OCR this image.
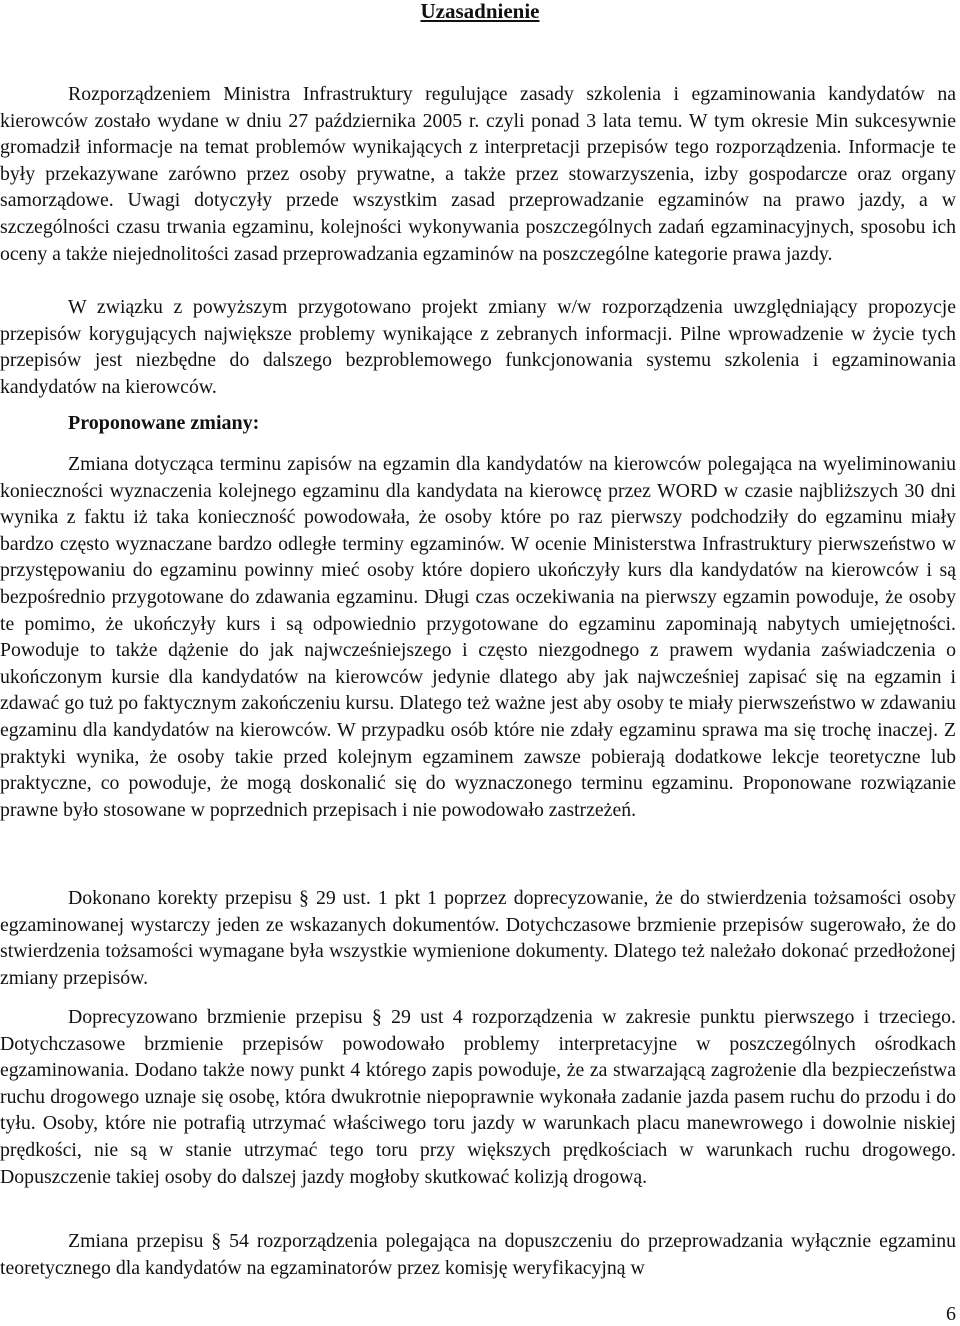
Uzasadnienie
Rozporządzeniem Ministra Infrastruktury regulujące zasady szkolenia i egzaminowania kandydatów na kierowców zostało wydane w dniu 27 października 2005 r. czyli ponad 3 lata temu. W tym okresie Min sukcesywnie gromadził informacje na temat problemów wynikających z interpretacji przepisów tego rozporządzenia. Informacje te były przekazywane zarówno przez osoby prywatne, a także przez stowarzyszenia, izby gospodarcze oraz organy samorządowe. Uwagi dotyczyły przede wszystkim zasad przeprowadzanie egzaminów na prawo jazdy, a w szczególności czasu trwania egzaminu, kolejności wykonywania poszczególnych zadań egzaminacyjnych, sposobu ich oceny a także niejednolitości zasad przeprowadzania egzaminów na poszczególne kategorie prawa jazdy.
W związku z powyższym przygotowano projekt zmiany w/w rozporządzenia uwzględniający propozycje przepisów korygujących największe problemy wynikające z zebranych informacji. Pilne wprowadzenie w życie tych przepisów jest niezbędne do dalszego bezproblemowego funkcjonowania systemu szkolenia i egzaminowania kandydatów na kierowców.
Proponowane zmiany:
Zmiana dotycząca terminu zapisów na egzamin dla kandydatów na kierowców polegająca na wyeliminowaniu konieczności wyznaczenia kolejnego egzaminu dla kandydata na kierowcę przez WORD w czasie najbliższych 30 dni wynika z faktu iż taka konieczność powodowała, że osoby które po raz pierwszy podchodziły do egzaminu miały bardzo często wyznaczane bardzo odległe terminy egzaminów. W ocenie Ministerstwa Infrastruktury pierwszeństwo w przystępowaniu do egzaminu powinny mieć osoby które dopiero ukończyły kurs dla kandydatów na kierowców i są bezpośrednio przygotowane do zdawania egzaminu. Długi czas oczekiwania na pierwszy egzamin powoduje, że osoby te pomimo, że ukończyły kurs i są odpowiednio przygotowane do egzaminu zapominają nabytych umiejętności. Powoduje to także dążenie do jak najwcześniejszego i często niezgodnego z prawem wydania zaświadczenia o ukończonym kursie dla kandydatów na kierowców jedynie dlatego aby jak najwcześniej zapisać się na egzamin i zdawać go tuż po faktycznym zakończeniu kursu. Dlatego też ważne jest aby osoby te miały pierwszeństwo w zdawaniu egzaminu dla kandydatów na kierowców. W przypadku osób które nie zdały egzaminu sprawa ma się trochę inaczej. Z praktyki wynika, że osoby takie przed kolejnym egzaminem zawsze pobierają dodatkowe lekcje teoretyczne lub praktyczne, co powoduje, że mogą doskonalić się do wyznaczonego terminu egzaminu. Proponowane rozwiązanie prawne było stosowane w poprzednich przepisach i nie powodowało zastrzeżeń.
Dokonano korekty przepisu § 29 ust. 1 pkt 1 poprzez doprecyzowanie, że do stwierdzenia tożsamości osoby egzaminowanej wystarczy jeden ze wskazanych dokumentów. Dotychczasowe brzmienie przepisów sugerowało, że do stwierdzenia tożsamości wymagane była wszystkie wymienione dokumenty. Dlatego też należało dokonać przedłożonej zmiany przepisów.
Doprecyzowano brzmienie przepisu § 29 ust 4 rozporządzenia w zakresie punktu pierwszego i trzeciego. Dotychczasowe brzmienie przepisów powodowało problemy interpretacyjne w poszczególnych ośrodkach egzaminowania. Dodano także nowy punkt 4 którego zapis powoduje, że za stwarzającą zagrożenie dla bezpieczeństwa ruchu drogowego uznaje się osobę, która dwukrotnie niepoprawnie wykonała zadanie jazda pasem ruchu do przodu i do tyłu. Osoby, które nie potrafią utrzymać właściwego toru jazdy w warunkach placu manewrowego i dowolnie niskiej prędkości, nie są w stanie utrzymać tego toru przy większych prędkościach w warunkach ruchu drogowego. Dopuszczenie takiej osoby do dalszej jazdy mogłoby skutkować kolizją drogową.
Zmiana przepisu § 54 rozporządzenia polegająca na dopuszczeniu do przeprowadzania wyłącznie egzaminu teoretycznego dla kandydatów na egzaminatorów przez komisję weryfikacyjną w
6
